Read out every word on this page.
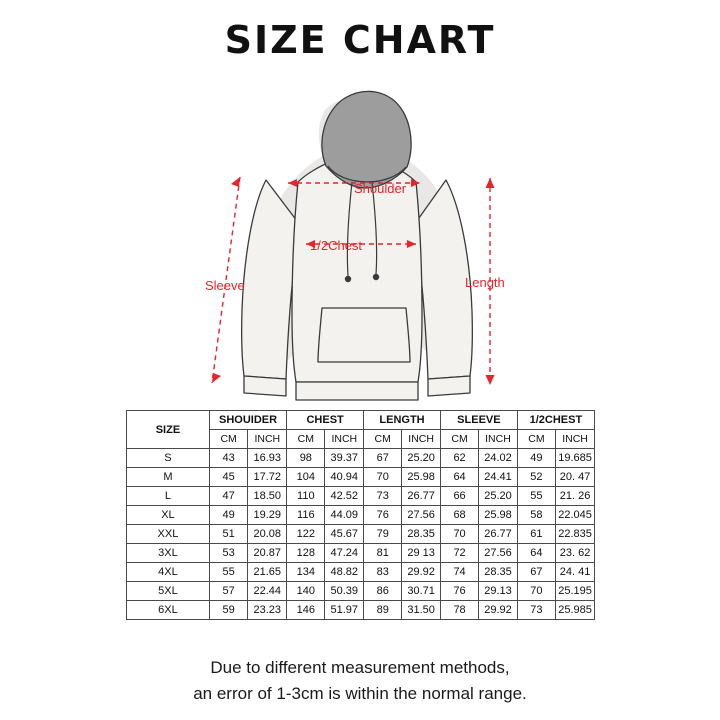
SIZE CHART
Shoulder
1/2Chest
Sleeve	Length
SIZE	SHOUIDER		CHEST		LENGTH		SLEEVE		1/2CHEST	
	CM	INCH	CM	INCH	CM	INCH	CM	INCH	CM	INCH
S	43	16.93	98	39.37	67	25.20	62	24.02	49	19.685
M	45	17.72	104	40.94	70	25.98	64	24.41	52	20. 47
L	47	18.50	110	42.52	73	26.77	66	25.20	55	21. 26
XL	49	19.29	116	44.09	76	27.56	68	25.98	58	22.045
XXL	51	20.08	122	45.67	79	28.35	70	26.77	61	22.835
3XL	53	20.87	128	47.24	81	29 13	72	27.56	64	23. 62
4XL	55	21.65	134	48.82	83	29.92	74	28.35	67	24. 41
5XL	57	22.44	140	50.39	86	30.71	76	29.13	70	25.195
6XL	59	23.23	146	51.97	89	31.50	78	29.92	73	25.985
Due to different measurement methods,
an error of 1-3cm is within the normal range.
